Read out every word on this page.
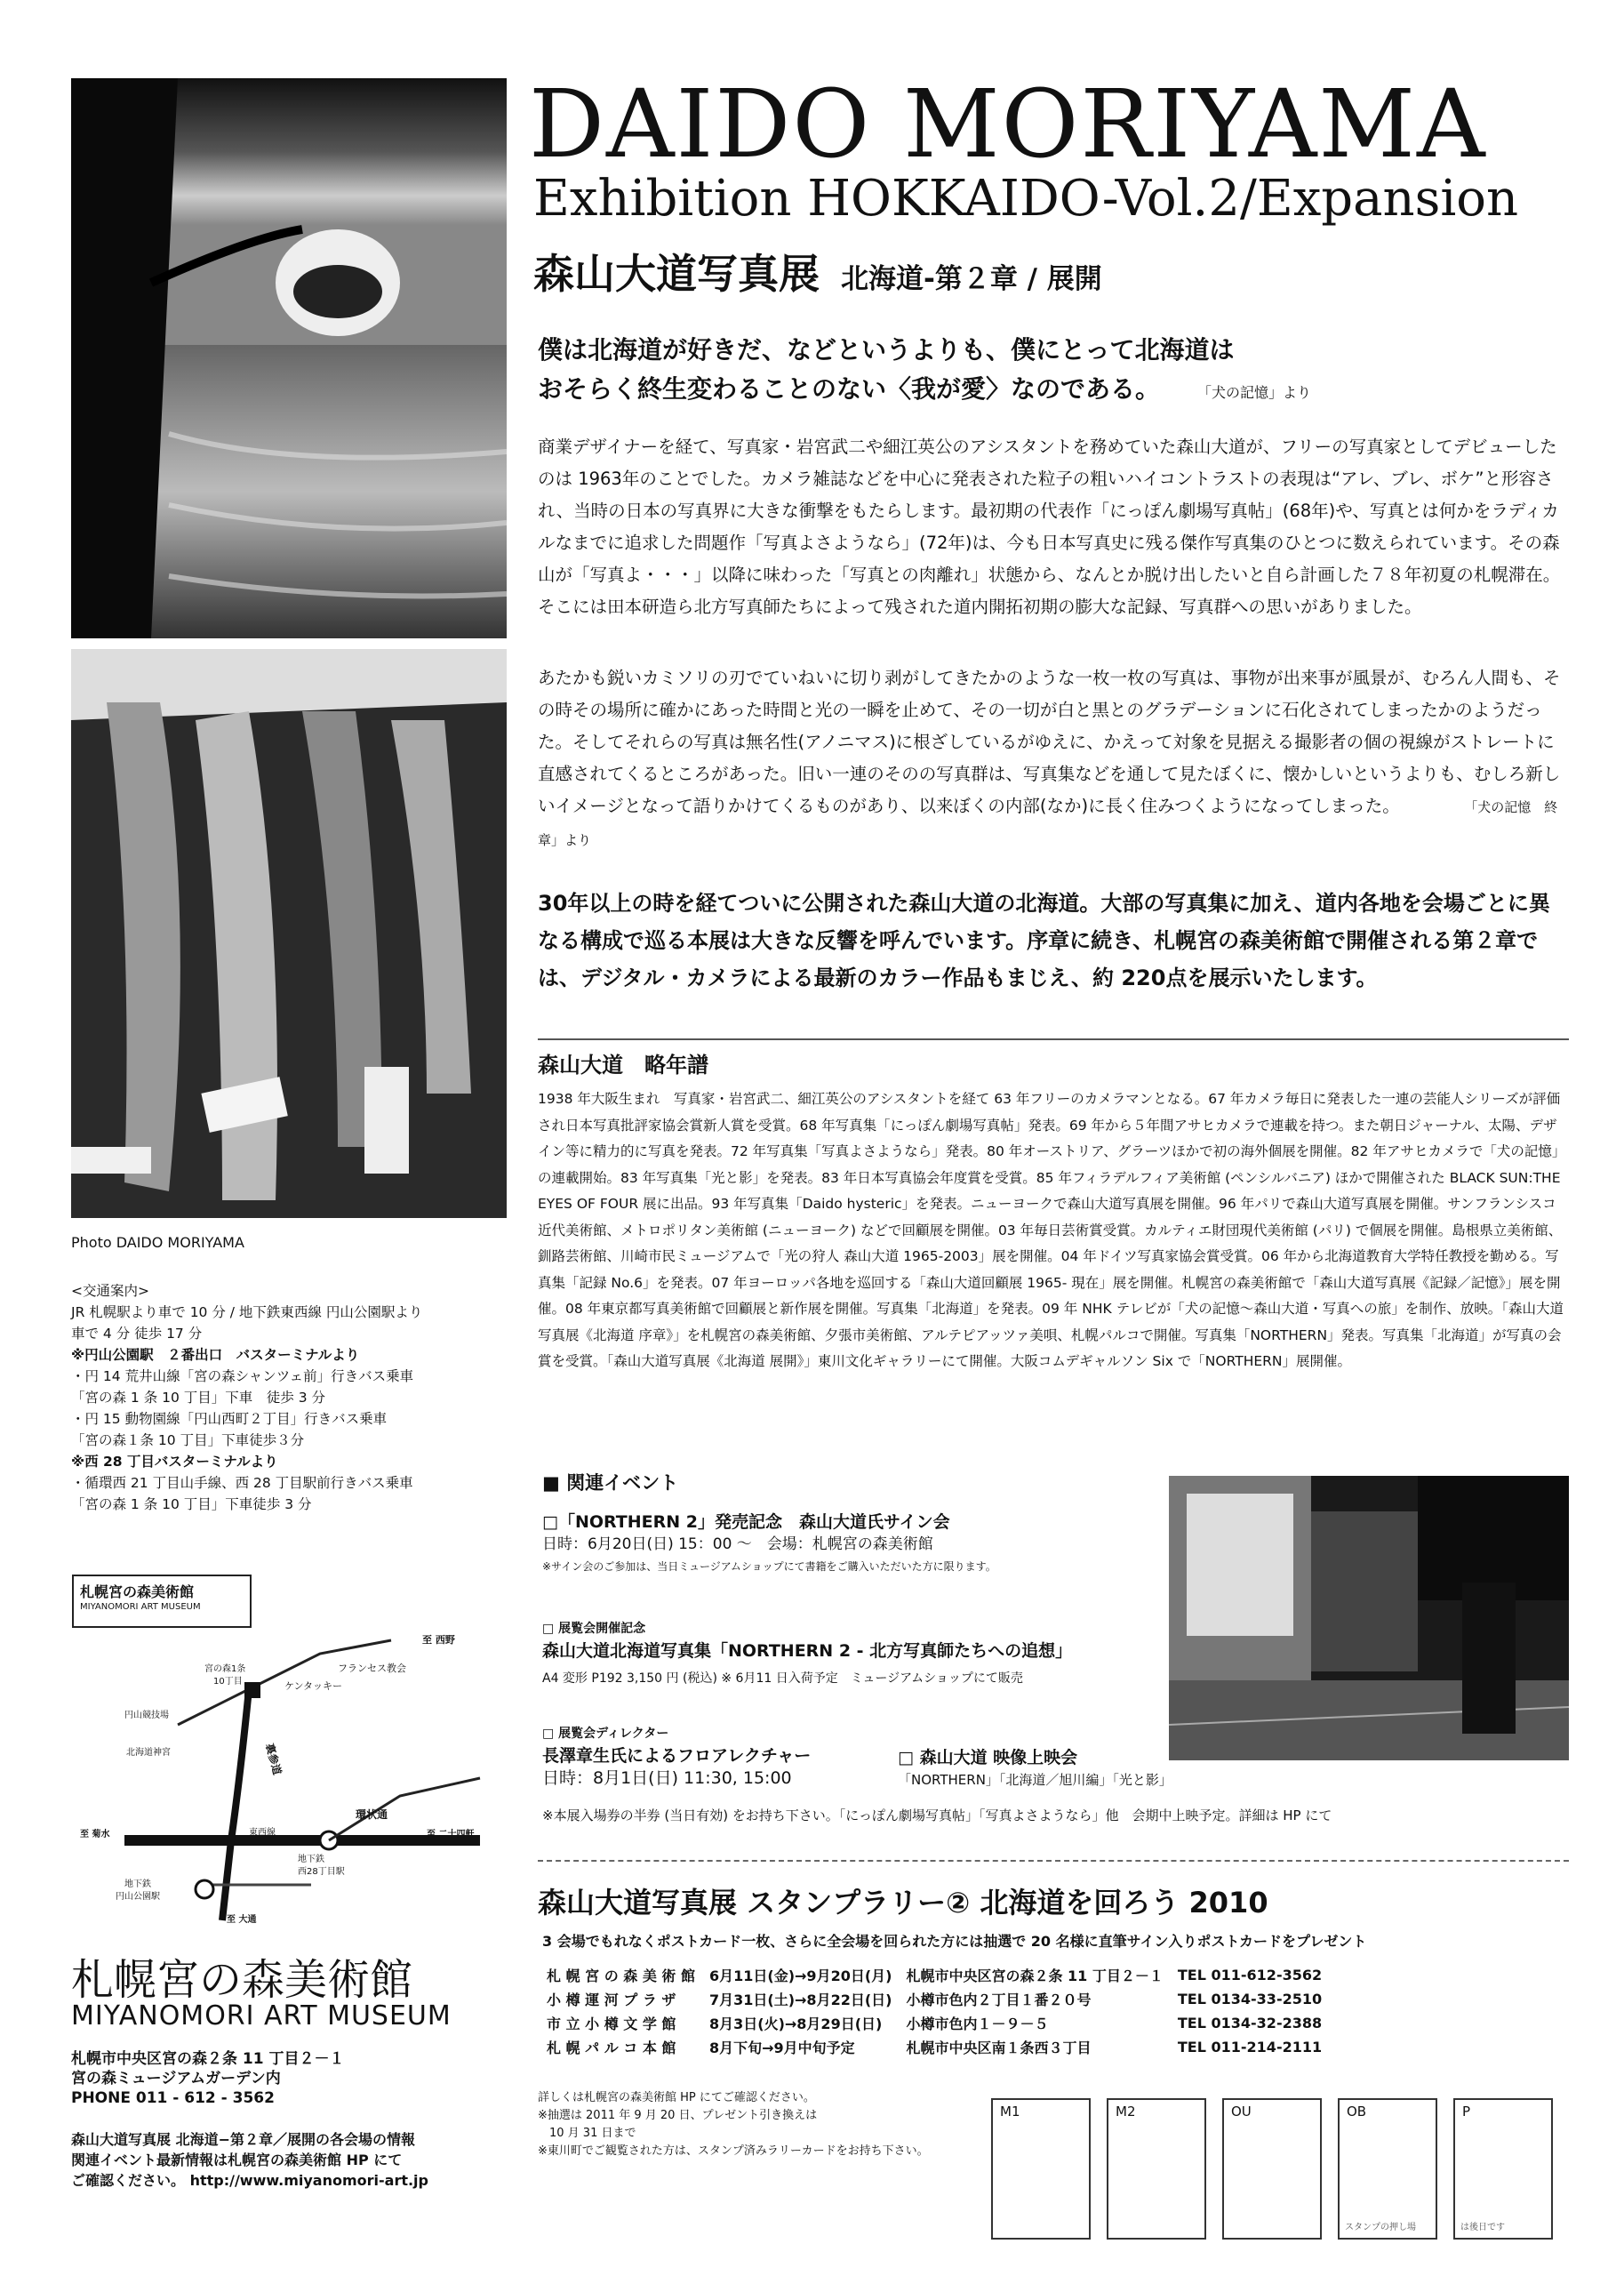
Photo DAIDO MORIYAMA
DAIDO MORIYAMA
Exhibition HOKKAIDO-Vol.2/Expansion
森山大道写真展 北海道-第２章 / 展開
僕は北海道が好きだ、などというよりも、僕にとって北海道は
おそらく終生変わることのない〈我が愛〉なのである。	「犬の記憶」より
商業デザイナーを経て、写真家・岩宮武二や細江英公のアシスタントを務めていた森山大道が、フリーの写真家としてデビューしたのは 1963年のことでした。カメラ雑誌などを中心に発表された粒子の粗いハイコントラストの表現は“アレ、ブレ、ボケ”と形容され、当時の日本の写真界に大きな衝撃をもたらします。最初期の代表作「にっぽん劇場写真帖」(68年)や、写真とは何かをラディカルなまでに追求した問題作「写真よさようなら」(72年)は、今も日本写真史に残る傑作写真集のひとつに数えられています。その森山が「写真よ・・・」以降に味わった「写真との肉離れ」状態から、なんとか脱け出したいと自ら計画した７８年初夏の札幌滞在。そこには田本研造ら北方写真師たちによって残された道内開拓初期の膨大な記録、写真群への思いがありました。
あたかも鋭いカミソリの刃でていねいに切り剥がしてきたかのような一枚一枚の写真は、事物が出来事が風景が、むろん人間も、その時その場所に確かにあった時間と光の一瞬を止めて、その一切が白と黒とのグラデーションに石化されてしまったかのようだった。そしてそれらの写真は無名性(アノニマス)に根ざしているがゆえに、かえって対象を見据える撮影者の個の視線がストレートに直感されてくるところがあった。旧い一連のそのの写真群は、写真集などを通して見たぼくに、懐かしいというよりも、むしろ新しいイメージとなって語りかけてくるものがあり、以来ぼくの内部(なか)に長く住みつくようになってしまった。	「犬の記憶　終章」より
30年以上の時を経てついに公開された森山大道の北海道。大部の写真集に加え、道内各地を会場ごとに異なる構成で巡る本展は大きな反響を呼んでいます。序章に続き、札幌宮の森美術館で開催される第２章では、デジタル・カメラによる最新のカラー作品もまじえ、約 220点を展示いたします。
森山大道　略年譜
1938 年大阪生まれ　写真家・岩宮武二、細江英公のアシスタントを経て 63 年フリーのカメラマンとなる。67 年カメラ毎日に発表した一連の芸能人シリーズが評価され日本写真批評家協会賞新人賞を受賞。68 年写真集「にっぽん劇場写真帖」発表。69 年から５年間アサヒカメラで連載を持つ。また朝日ジャーナル、太陽、デザイン等に精力的に写真を発表。72 年写真集「写真よさようなら」発表。80 年オーストリア、グラーツほかで初の海外個展を開催。82 年アサヒカメラで「犬の記憶」の連載開始。83 年写真集「光と影」を発表。83 年日本写真協会年度賞を受賞。85 年フィラデルフィア美術館 (ペンシルバニア) ほかで開催された BLACK SUN:THE EYES OF FOUR 展に出品。93 年写真集「Daido hysteric」を発表。ニューヨークで森山大道写真展を開催。96 年パリで森山大道写真展を開催。サンフランシスコ近代美術館、メトロポリタン美術館 (ニューヨーク) などで回顧展を開催。03 年毎日芸術賞受賞。カルティエ財団現代美術館 (パリ) で個展を開催。島根県立美術館、釧路芸術館、川崎市民ミュージアムで「光の狩人 森山大道 1965-2003」展を開催。04 年ドイツ写真家協会賞受賞。06 年から北海道教育大学特任教授を勤める。写真集「記録 No.6」を発表。07 年ヨーロッパ各地を巡回する「森山大道回顧展 1965- 現在」展を開催。札幌宮の森美術館で「森山大道写真展《記録／記憶》」展を開催。08 年東京都写真美術館で回顧展と新作展を開催。写真集「北海道」を発表。09 年 NHK テレビが「犬の記憶〜森山大道・写真への旅」を制作、放映。「森山大道写真展《北海道 序章》」を札幌宮の森美術館、夕張市美術館、アルテピアッツァ美唄、札幌パルコで開催。写真集「NORTHERN」発表。写真集「北海道」が写真の会賞を受賞。「森山大道写真展《北海道 展開》」東川文化ギャラリーにて開催。大阪コムデギャルソン Six で「NORTHERN」展開催。
<交通案内>
JR 札幌駅より車で 10 分 / 地下鉄東西線 円山公園駅より
車で 4 分 徒歩 17 分
※円山公園駅　２番出口　バスターミナルより
・円 14 荒井山線「宮の森シャンツェ前」行きバス乗車
「宮の森 1 条 10 丁目」下車　徒歩 3 分
・円 15 動物園線「円山西町２丁目」行きバス乗車
「宮の森１条 10 丁目」下車徒歩３分
※西 28 丁目バスターミナルより
・循環西 21 丁目山手線、西 28 丁目駅前行きバス乗車
「宮の森 1 条 10 丁目」下車徒歩 3 分
札幌宮の森美術館
MIYANOMORI ART MUSEUM
至 西野
宮の森1条
10丁目
フランセス教会
ケンタッキー
円山競技場
北海道神宮	裏参道
環状通
至 菊水	至 二十四軒
地下鉄
西28丁目駅
地下鉄
円山公園駅
至 大通
東西線
札幌宮の森美術館
MIYANOMORI ART MUSEUM
札幌市中央区宮の森２条 11 丁目２－１
宮の森ミュージアムガーデン内
PHONE 011 - 612 - 3562
森山大道写真展 北海道−第２章／展開の各会場の情報
関連イベント最新情報は札幌宮の森美術館 HP にて
ご確認ください。 http://www.miyanomori-art.jp
■ 関連イベント
□「NORTHERN 2」発売記念　森山大道氏サイン会
日時：6月20日(日) 15：00 ～　会場：札幌宮の森美術館
※サイン会のご参加は、当日ミュージアムショップにて書籍をご購入いただいた方に限ります。
□ 展覧会開催記念
森山大道北海道写真集「NORTHERN 2 - 北方写真師たちへの追想」
A4 変形 P192 3,150 円 (税込) ※ 6月11 日入荷予定　ミュージアムショップにて販売
□ 展覧会ディレクター
長澤章生氏によるフロアレクチャー
日時：8月1日(日) 11:30, 15:00
□ 森山大道 映像上映会
「NORTHERN」「北海道／旭川編」「光と影」
※本展入場券の半券 (当日有効) をお持ち下さい。「にっぽん劇場写真帖」「写真よさようなら」他　会期中上映予定。詳細は HP にて
森山大道写真展 スタンプラリー② 北海道を回ろう 2010
3 会場でもれなくポストカード一枚、さらに全会場を回られた方には抽選で 20 名様に直筆サイン入りポストカードをプレゼント
札 幌 宮 の 森 美 術 館	6月11日(金)→9月20日(月)	札幌市中央区宮の森２条 11 丁目２－１	TEL 011-612-3562
小 樽 運 河 プ ラ ザ	7月31日(土)→8月22日(日)	小樽市色内２丁目１番２０号	TEL 0134-33-2510
市 立 小 樽 文 学 館	8月3日(火)→8月29日(日)	小樽市色内１－９－５	TEL 0134-32-2388
札 幌 パ ル コ 本 館	8月下旬→9月中旬予定	札幌市中央区南１条西３丁目	TEL 011-214-2111
詳しくは札幌宮の森美術館 HP にてご確認ください。
※抽選は 2011 年 9 月 20 日、プレゼント引き換えは
　10 月 31 日まで
※東川町でご観覧された方は、スタンプ済みラリーカードをお持ち下さい。
M1	M2	OU	OB
スタンプの押し場
P
は後日です
